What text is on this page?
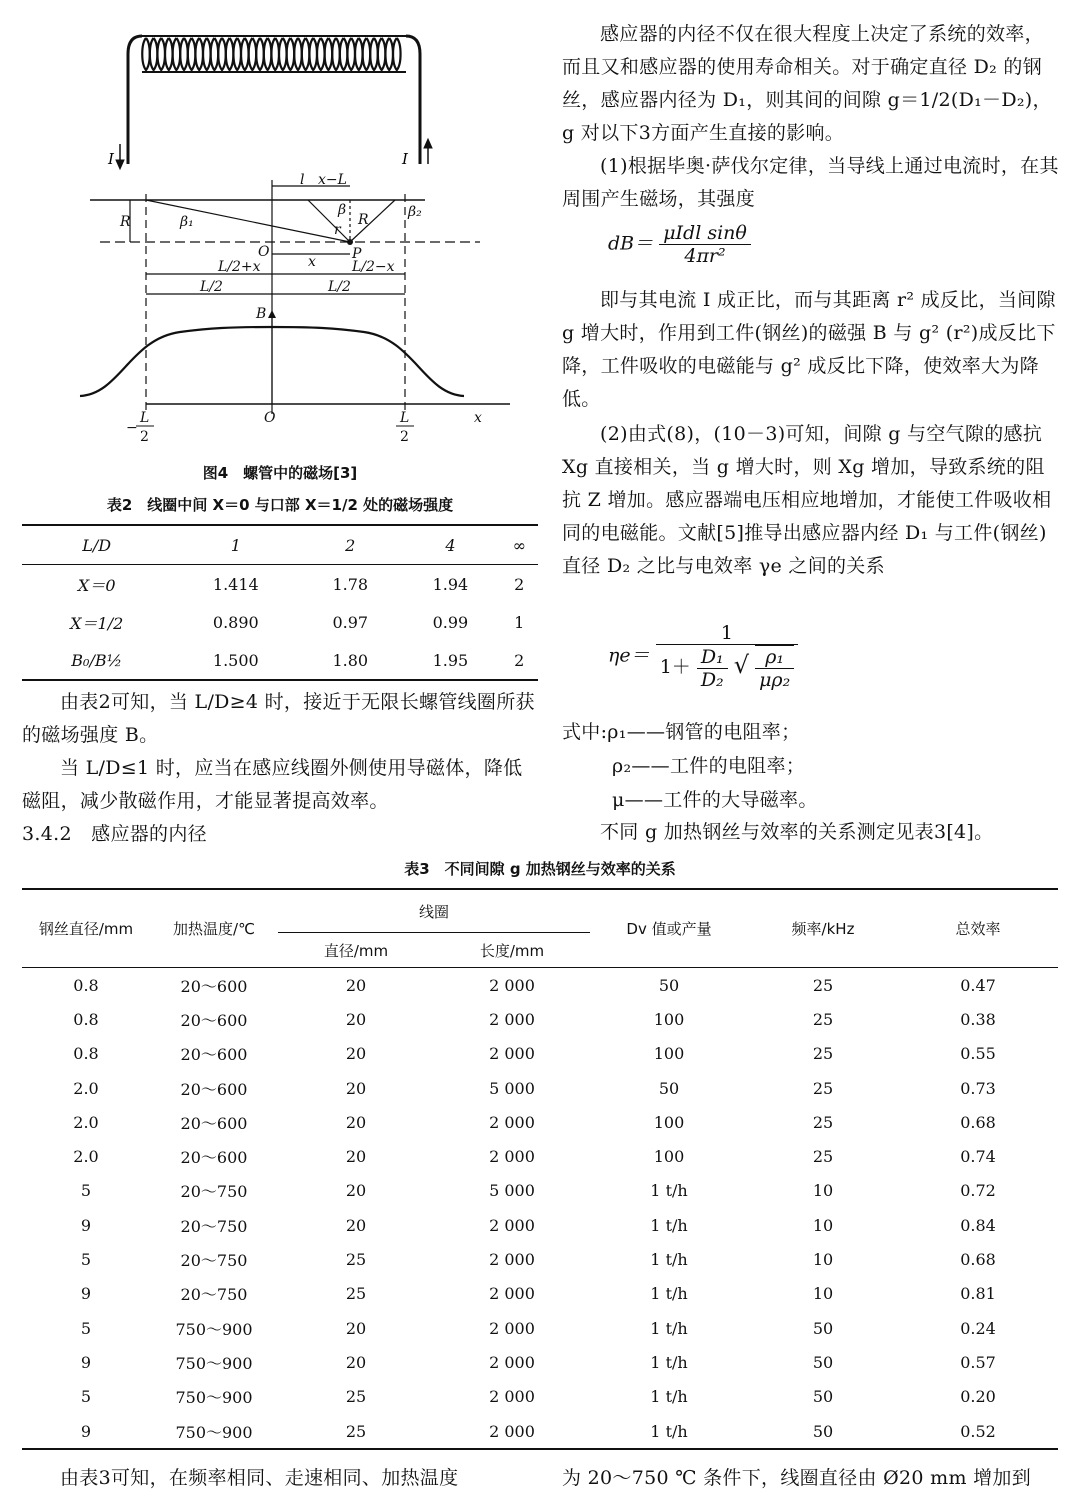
I	I
l x−L
R	R
β₁
β	β₂
r
O	P
x
L/2+x	L/2−x
L/2	L/2
B
O	x
−
L
2
L
2
图4　螺管中的磁场[3]
表2　线圈中间 X＝0 与口部 X＝1/2 处的磁场强度
L/D	1	2	4	∞
X＝0	1.414	1.78	1.94	2
X＝1/2	0.890	0.97	0.99	1
B₀/B½	1.500	1.80	1.95	2
由表2可知，当 L/D≥4 时，接近于无限长螺管线圈所获的磁场强度 B。
当 L/D≤1 时，应当在感应线圈外侧使用导磁体，降低磁阻，减少散磁作用，才能显著提高效率。
3.4.2　感应器的内径
感应器的内径不仅在很大程度上决定了系统的效率，而且又和感应器的使用寿命相关。对于确定直径 D₂ 的钢丝，感应器内径为 D₁，则其间的间隙 g＝1/2(D₁－D₂)，g 对以下3方面产生直接的影响。
(1)根据毕奥·萨伐尔定律，当导线上通过电流时，在其周围产生磁场，其强度
$dB= \frac{\text{μIdl sinθ}}{\text{4πr²}}$
即与其电流 I 成正比，而与其距离 r² 成反比，当间隙 g 增大时，作用到工件(钢丝)的磁强 B 与 g² (r²)成反比下降，工件吸收的电磁能与 g² 成反比下降，使效率大为降低。
(2)由式(8)，(10－3)可知，间隙 g 与空气隙的感抗 Xg 直接相关，当 g 增大时，则 Xg 增加，导致系统的阻抗 Z 增加。感应器端电压相应地增加，才能使工件吸收相同的电磁能。文献[5]推导出感应器内经 D₁ 与工件(钢丝)直径 D₂ 之比与电效率 γe 之间的关系
ηe＝
1
$1+ \frac{\text{D₁}}{\text{D₂}}$ √ $\frac{\text{ρ₁}}{\text{μρ₂}}$
式中:ρ₁——钢管的电阻率；
ρ₂——工件的电阻率；
μ——工件的大导磁率。
不同 g 加热钢丝与效率的关系测定见表3[4]。
表3　不同间隙 g 加热钢丝与效率的关系
钢丝直径/mm	加热温度/℃	线圈		Dv 值或产量	频率/kHz	总效率
		直径/mm	长度/mm			
0.8	20～600	20	2 000	50	25	0.47
0.8	20～600	20	2 000	100	25	0.38
0.8	20～600	20	2 000	100	25	0.55
2.0	20～600	20	5 000	50	25	0.73
2.0	20～600	20	2 000	100	25	0.68
2.0	20～600	20	2 000	100	25	0.74
5	20～750	20	5 000	1 t/h	10	0.72
9	20～750	20	2 000	1 t/h	10	0.84
5	20～750	25	2 000	1 t/h	10	0.68
9	20～750	25	2 000	1 t/h	10	0.81
5	750～900	20	2 000	1 t/h	50	0.24
9	750～900	20	2 000	1 t/h	50	0.57
5	750～900	25	2 000	1 t/h	50	0.20
9	750～900	25	2 000	1 t/h	50	0.52
由表3可知，在频率相同、走速相同、加热温度	为 20～750 ℃ 条件下，线圈直径由 Ø20 mm 增加到
